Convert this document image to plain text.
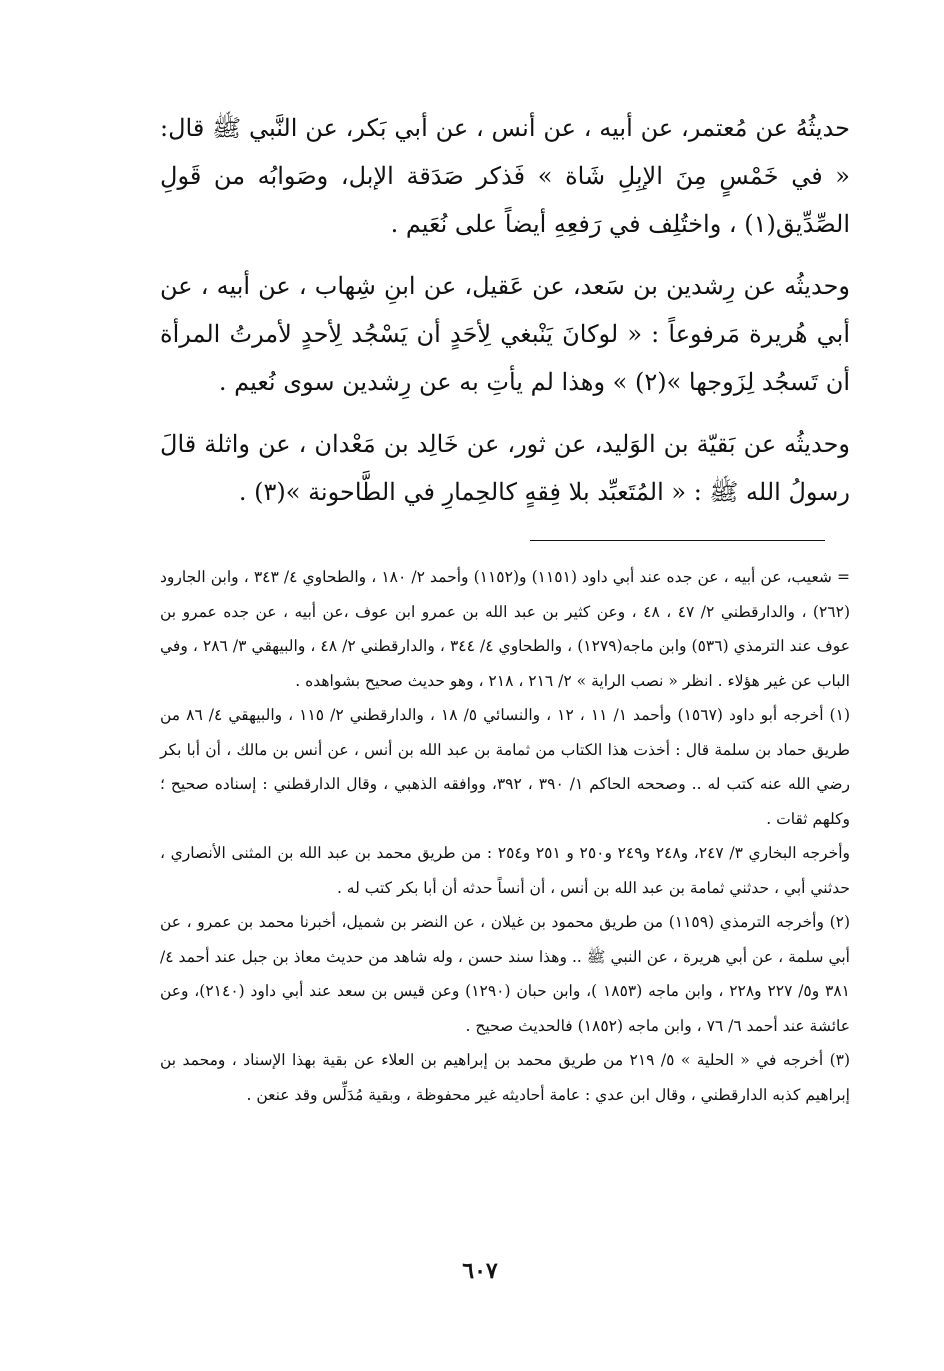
حديثُهُ عن مُعتمر، عن أبيه ، عن أنس ، عن أبي بَكر، عن النَّبي ﷺ قال: « في خَمْسٍ مِنَ الإبِلِ شَاة » فَذكر صَدَقة الإبل، وصَوابُه من قَولِ الصِّدِّيق(١) ، واختُلِف في رَفعِهِ أيضاً على نُعَيم .

وحديثُه عن رِشدين بن سَعد، عن عَقيل، عن ابنِ شِهاب ، عن أبيه ، عن أبي هُريرة مَرفوعاً : « لوكانَ يَنْبغي لِأحَدٍ أن يَسْجُد لِأحدٍ لأمرتُ المرأة أن تَسجُد لِزَوجها »(٢) » وهذا لم يأتِ به عن رِشدين سوى نُعيم .

وحديثُه عن بَقيّة بن الوَليد، عن ثور، عن خَالِد بن مَعْدان ، عن واثلة قالَ رسولُ الله ﷺ : « المُتَعبِّد بلا فِقهٍ كالحِمارِ في الطَّاحونة »(٣) .

= شعيب، عن أبيه ، عن جده عند أبي داود (١١٥١) و(١١٥٢) وأحمد ٢/ ١٨٠ ، والطحاوي ٤/ ٣٤٣ ، وابن الجارود (٢٦٢) ، والدارقطني ٢/ ٤٧ ، ٤٨ ، وعن كثير بن عبد الله بن عمرو ابن عوف ،عن أبيه ، عن جده عمرو بن عوف عند الترمذي (٥٣٦) وابن ماجه(١٢٧٩) ، والطحاوي ٤/ ٣٤٤ ، والدارقطني ٢/ ٤٨ ، والبيهقي ٣/ ٢٨٦ ، وفي الباب عن غير هؤلاء . انظر « نصب الراية » ٢/ ٢١٦ ، ٢١٨ ، وهو حديث صحيح بشواهده .

(١) أخرجه أبو داود (١٥٦٧) وأحمد ١/ ١١ ، ١٢ ، والنسائي ٥/ ١٨ ، والدارقطني ٢/ ١١٥ ، والبيهقي ٤/ ٨٦ من طريق حماد بن سلمة قال : أخذت هذا الكتاب من ثمامة بن عبد الله بن أنس ، عن أنس بن مالك ، أن أبا بكر رضي الله عنه كتب له .. وصححه الحاكم ١/ ٣٩٠ ، ٣٩٢، ووافقه الذهبي ، وقال الدارقطني : إسناده صحيح ؛ وكلهم ثقات .

وأخرجه البخاري ٣/ ٢٤٧، و٢٤٨ و٢٤٩ و٢٥٠ و ٢٥١ و٢٥٤ : من طريق محمد بن عبد الله بن المثنى الأنصاري ، حدثني أبي ، حدثني ثمامة بن عبد الله بن أنس ، أن أنساً حدثه أن أبا بكر كتب له .

(٢) وأخرجه الترمذي (١١٥٩) من طريق محمود بن غيلان ، عن النضر بن شميل، أخبرنا محمد بن عمرو ، عن أبي سلمة ، عن أبي هريرة ، عن النبي ﷺ .. وهذا سند حسن ، وله شاهد من حديث معاذ بن جبل عند أحمد ٤/ ٣٨١ و٥/ ٢٢٧ و٢٢٨ ، وابن ماجه (١٨٥٣ )، وابن حبان (١٢٩٠) وعن قيس بن سعد عند أبي داود (٢١٤٠)، وعن عائشة عند أحمد ٦/ ٧٦ ، وابن ماجه (١٨٥٢) فالحديث صحيح .

(٣) أخرجه في « الحلية » ٥/ ٢١٩ من طريق محمد بن إبراهيم بن العلاء عن بقية بهذا الإسناد ، ومحمد بن إبراهيم كذبه الدارقطني ، وقال ابن عدي : عامة أحاديثه غير محفوظة ، وبقية مُدَلِّس وقد عنعن .

٦٠٧
